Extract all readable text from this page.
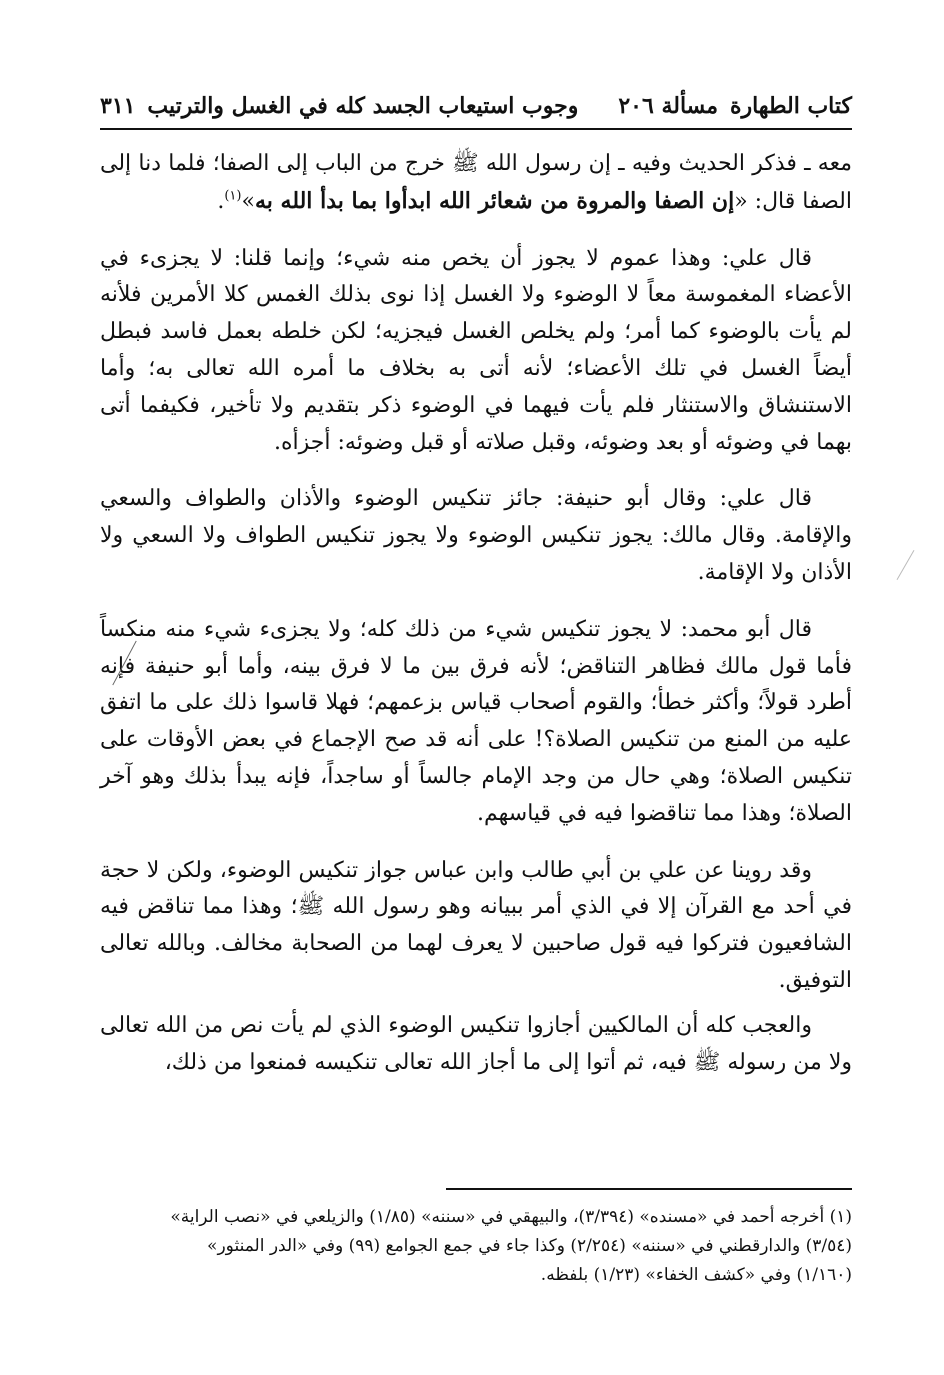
كتاب الطهارة
مسألة ٢٠٦
وجوب استيعاب الجسد كله في الغسل والترتيب
٣١١

معه ـ فذكر الحديث وفيه ـ إن رسول الله ﷺ خرج من الباب إلى الصفا؛ فلما دنا إلى الصفا قال: «إن الصفا والمروة من شعائر الله ابدأوا بما بدأ الله به»$^{(١)}$.

قال علي: وهذا عموم لا يجوز أن يخص منه شيء؛ وإنما قلنا: لا يجزىء في الأعضاء المغموسة معاً لا الوضوء ولا الغسل إذا نوى بذلك الغمس كلا الأمرين فلأنه لم يأت بالوضوء كما أمر؛ ولم يخلص الغسل فيجزيه؛ لكن خلطه بعمل فاسد فبطل أيضاً الغسل في تلك الأعضاء؛ لأنه أتى به بخلاف ما أمره الله تعالى به؛ وأما الاستنشاق والاستنثار فلم يأت فيهما في الوضوء ذكر بتقديم ولا تأخير، فكيفما أتى بهما في وضوئه أو بعد وضوئه، وقبل صلاته أو قبل وضوئه: أجزأه.

قال علي: وقال أبو حنيفة: جائز تنكيس الوضوء والأذان والطواف والسعي والإقامة. وقال مالك: يجوز تنكيس الوضوء ولا يجوز تنكيس الطواف ولا السعي ولا الأذان ولا الإقامة.

قال أبو محمد: لا يجوز تنكيس شيء من ذلك كله؛ ولا يجزىء شيء منه منكساً فأما قول مالك فظاهر التناقض؛ لأنه فرق بين ما لا فرق بينه، وأما أبو حنيفة فإنه أطرد قولاً؛ وأكثر خطأ؛ والقوم أصحاب قياس بزعمهم؛ فهلا قاسوا ذلك على ما اتفق عليه من المنع من تنكيس الصلاة؟! على أنه قد صح الإجماع في بعض الأوقات على تنكيس الصلاة؛ وهي حال من وجد الإمام جالساً أو ساجداً، فإنه يبدأ بذلك وهو آخر الصلاة؛ وهذا مما تناقضوا فيه في قياسهم.

وقد روينا عن علي بن أبي طالب وابن عباس جواز تنكيس الوضوء، ولكن لا حجة في أحد مع القرآن إلا في الذي أمر ببيانه وهو رسول الله ﷺ؛ وهذا مما تناقض فيه الشافعيون فتركوا فيه قول صاحبين لا يعرف لهما من الصحابة مخالف. وبالله تعالى التوفيق.

والعجب كله أن المالكيين أجازوا تنكيس الوضوء الذي لم يأت نص من الله تعالى ولا من رسوله ﷺ فيه، ثم أتوا إلى ما أجاز الله تعالى تنكيسه فمنعوا من ذلك،

(١) أخرجه أحمد في «مسنده» (٣/٣٩٤)، والبيهقي في «سننه» (١/٨٥) والزيلعي في «نصب الراية»

(٣/٥٤) والدارقطني في «سننه» (٢/٢٥٤) وكذا جاء في جمع الجوامع (٩٩) وفي «الدر المنثور»

(١/١٦٠) وفي «كشف الخفاء» (١/٢٣) بلفظه.
